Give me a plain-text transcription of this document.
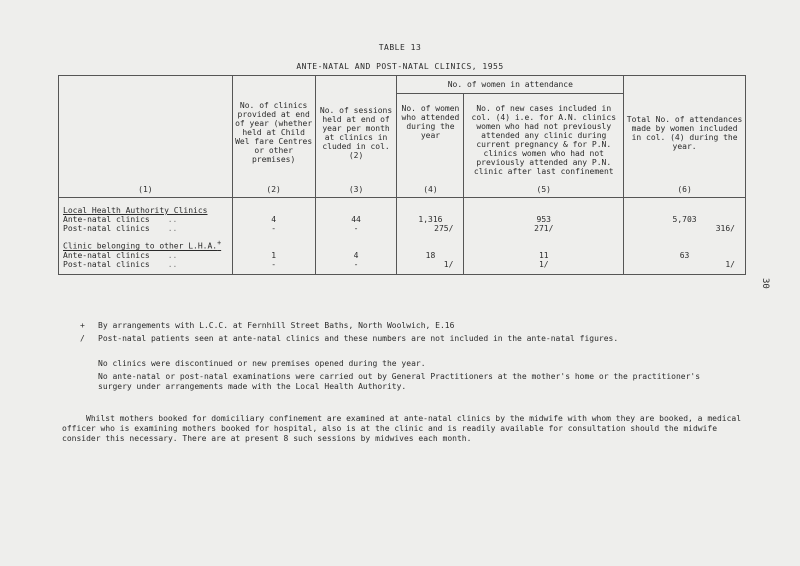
TABLE 13
ANTE-NATAL AND POST-NATAL CLINICS, 1955
30
	No. of clinics provided at end of year (whether held at Child Wel fare Centres or other premises)	No. of sessions held at end of year per month at clinics in cluded in col. (2)	No. of women in attendance		Total No. of attendances made by women included in col. (4) during the year.
			No. of women who attended during the year	No. of new cases included in col. (4) i.e. for A.N. clinics women who had not previously attended any clinic during current pregnancy & for P.N. clinics women who had not previously attended any P.N. clinic after last confinement	
(1)	(2)	(3)	(4)	(5)	(6)
Local Health Authority Clinics					
Ante-natal clinics ..	4	44	1,316	953	5,703
Post-natal clinics ..	-	-	275/	271/	316/
Clinic belonging to other L.H.A.+					
Ante-natal clinics ..	1	4	18	11	63
Post-natal clinics ..	-	-	1/	1/	1/
+ By arrangements with L.C.C. at Fernhill Street Baths, North Woolwich, E.16
/ Post-natal patients seen at ante-natal clinics and these numbers are not included in the ante-natal figures.
No clinics were discontinued or new premises opened during the year.
No ante-natal or post-natal examinations were carried out by General Practitioners at the mother's home or the practitioner's surgery under arrangements made with the Local Health Authority.
Whilst mothers booked for domiciliary confinement are examined at ante-natal clinics by the midwife with whom they are booked, a medical officer who is examining mothers booked for hospital, also is at the clinic and is readily available for consultation should the midwife consider this necessary. There are at present 8 such sessions by midwives each month.
